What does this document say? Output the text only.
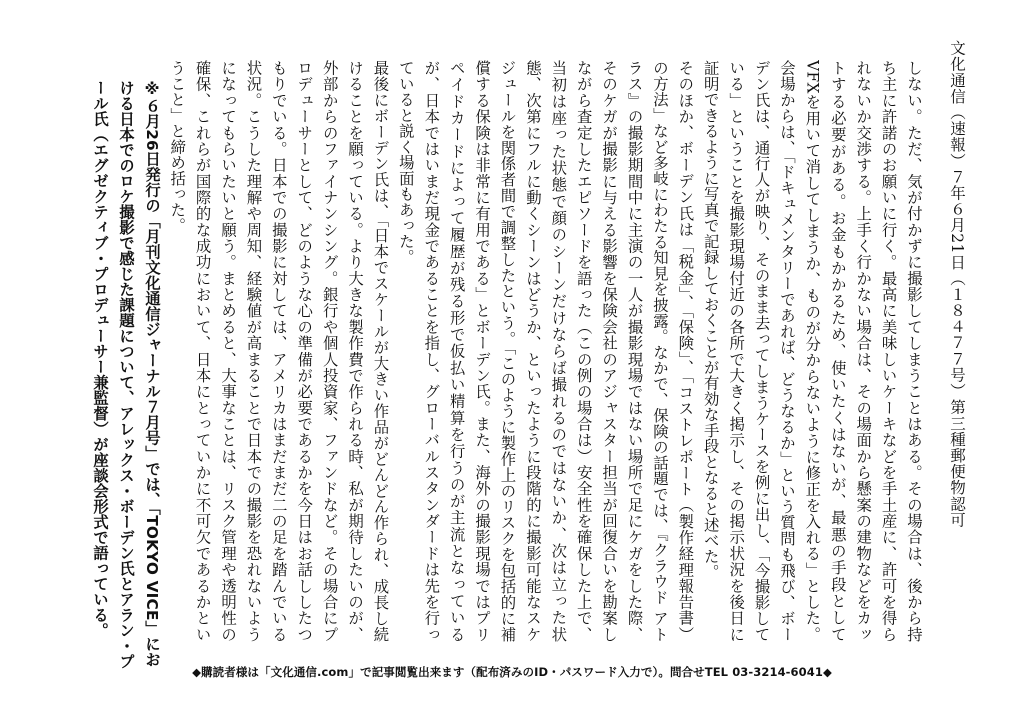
文化通信（速報）７年６月21日（１８４７７号）第三種郵便物認可

しない。ただ、気が付かずに撮影してしまうことはある。その場合は、後から持ち主に許諾のお願いに行く。最高に美味しいケーキなどを手土産に、許可を得られないか交渉する。上手く行かない場合は、その場面から懸案の建物などをカットする必要がある。お金もかかるため、使いたくはないが、最悪の手段としてVFXを用いて消してしまうか、ものが分からないように修正を入れる」とした。会場からは、「ドキュメンタリーであれば、どうなるか」という質問も飛び、ボーデン氏は、通行人が映り、そのまま去ってしまうケースを例に出し、「今撮影している」ということを撮影現場付近の各所で大きく掲示し、その掲示状況を後日に証明できるように写真で記録しておくことが有効な手段となると述べた。

そのほか、ボーデン氏は「税金」、「保険」、「コストレポート（製作経理報告書）の方法」など多岐にわたる知見を披露。なかで、保険の話題では、『クラウド アトラス』の撮影期間中に主演の一人が撮影現場ではない場所で足にケガをした際、そのケガが撮影に与える影響を保険会社のアジャスター担当が回復合いを勘案しながら査定したエピソードを語った（この例の場合は）安全性を確保した上で、当初は座った状態で顔のシーンだけならば撮れるのではないか、次は立った状態、次第にフルに動くシーンはどうか、といったように段階的に撮影可能なスケジュールを関係者間で調整したという。「このように製作上のリスクを包括的に補償する保険は非常に有用である」とボーデン氏。また、海外の撮影現場ではプリペイドカードによって履歴が残る形で仮払い精算を行うのが主流となっているが、日本ではいまだ現金であることを指し、グローバルスタンダードは先を行っていると説く場面もあった。

最後にボーデン氏は、「日本でスケールが大きい作品がどんどん作られ、成長し続けることを願っている。より大きな製作費で作られる時、私が期待したいのが、外部からのファイナンシング。銀行や個人投資家、ファンドなど。その場合にプロデューサーとして、どのような心の準備が必要であるかを今日はお話ししたつもりでいる。日本での撮影に対しては、アメリカはまだまだ二の足を踏んでいる状況。こうした理解や周知、経験値が高まることで日本での撮影を恐れないようになってもらいたいと願う。まとめると、大事なことは、リスク管理や透明性の確保、これらが国際的な成功において、日本にとっていかに不可欠であるかということ」と締め括った。

※６月26日発行の「月刊文化通信ジャーナル７月号」では、「TOKYO VICE」における日本でのロケ撮影で感じた課題について、アレックス・ボーデン氏とアラン・プール氏（エグゼクティブ・プロデューサー兼監督）が座談会形式で語っている。
◆購読者様は「文化通信.com」で記事閲覧出来ます（配布済みのID・パスワード入力で）。問合せTEL 03-3214-6041◆
